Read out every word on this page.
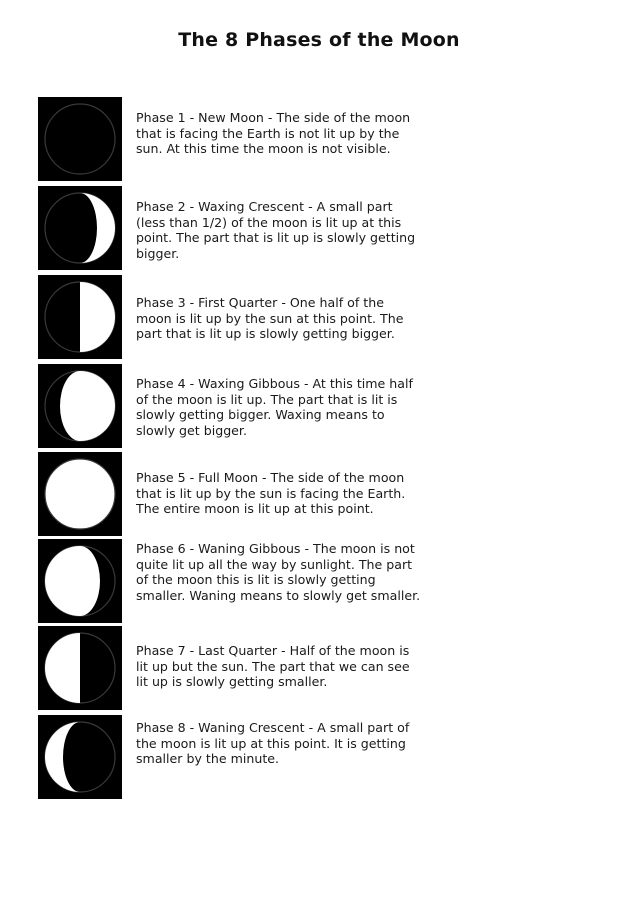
The 8 Phases of the Moon
Phase 1 - New Moon - The side of the moon that is facing the Earth is not lit up by the sun. At this time the moon is not visible.
Phase 2 - Waxing Crescent - A small part (less than 1/2) of the moon is lit up at this point. The part that is lit up is slowly getting bigger.
Phase 3 - First Quarter - One half of the moon is lit up by the sun at this point. The part that is lit up is slowly getting bigger.
Phase 4 - Waxing Gibbous - At this time half of the moon is lit up. The part that is lit is slowly getting bigger. Waxing means to slowly get bigger.
Phase 5 - Full Moon - The side of the moon that is lit up by the sun is facing the Earth. The entire moon is lit up at this point.
Phase 6 - Waning Gibbous - The moon is not quite lit up all the way by sunlight. The part of the moon this is lit is slowly getting smaller. Waning means to slowly get smaller.
Phase 7 - Last Quarter - Half of the moon is lit up but the sun. The part that we can see lit up is slowly getting smaller.
Phase 8 - Waning Crescent - A small part of the moon is lit up at this point. It is getting smaller by the minute.
